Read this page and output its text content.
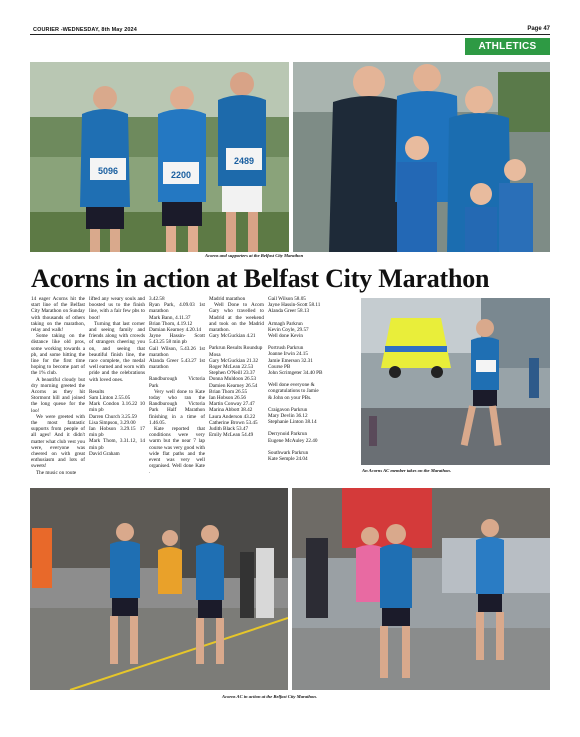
COURIER -WEDNESDAY, 8th May 2024	Page 47
ATHLETICS
5096	2200
2489
Acorns and supporters at the Belfast City Marathon
Acorns in action at Belfast City Marathon

14 eager Acorns hit the start line of the Belfast City Marathon on Sunday with thousands of others taking on the marathon, relay and walk!

Some taking on the distance like old pros, some working towards a pb, and some hitting the line for the first time hoping to become part of the 1% club.

A beautiful cloudy but dry morning greeted the Acorns as they hit Stormont hill and joined the long queue for the loo!

We were greeted with the most fantastic supports from people of all ages! And it didn't matter what club vest you were, everyone was cheered on with great enthusiasm and lots of sweets!

The music on route

lifted any weary souls and boosted us to the finish line, with a fair few pbs to boot!

Turning that last corner and seeing family and friends along with crowds of strangers cheering you on, and seeing that beautiful finish line, the race complete, the medal well earned and worn with pride and the celebrations with loved ones.

Results

Sam Linton 2.55.05

Mark Condon 3.16.22 10 min pb

Darren Church 3.25.59

Lisa Simpson, 3.29.00

Ian Hobson 3.29.15 17 min pb

Mark Thom, 3.31.12, 14 min pb

David Graham

3.42.58

Ryan Park, 4.09.03 1st marathon

Mark Bann, 4.11.37

Brian Thom, 4.19.12

Damian Kearney 4.20.14

Jayne Hassin- Scott 5.43.25 58 min pb

Gail Wilson, 5.43.26 1st marathon

Alanda Greer 5.43.27 1st marathon

Randburough Victoria Park

Very well done to Kate today who ran the Randburough Victoria Park Half Marathon finishing in a time of 1.46.05.

Kate reported that conditions were very warm but the near 7 lap course was very good with wide flat paths and the event was very well organised. Well done Kate .

Madrid marathon

Well Done to Acorn Gary who travelled to Madrid at the weekend and took on the Madrid marathon.

Gary McGuckian 4.21

Parkrun Results Roundup

Mosa

Gary McGuckian 21.32

Roger McLean 22.53

Stephen O'Neill 23.37

Donna Muldoon 26.53

Damien Kearney 26.54

Brian Thom 26.55

Ian Hobson 26.56

Martin Conway 27.47

Marina Abbott 38.42

Laura Anderson 43.22

Catherine Brown 53.45

Judith Black 53.47

Emily McLean 54.49

Gail Wilson 58.05

Jayne Hassin-Scott 58.11

Alanda Greer 58.13

Armagh Parkrun

Kevin Coyle, 29.57

Well done Kevin

Portrush Parkrun

Joanne Irwin 24.15

Jamie Emerson 32.31 Course PB

John Scrimgeter 34.40 PB

Well done everyone & congratulations to Jamie & John on your PBs.

Craigavon Parkrun

Mary Devlin 36.12

Stephanie Linton 38.14

Derrynoid Parkrun

Eugene McAuley 22.40

Southwark Parkrun

Kate Semple 24.04

An Acorns AC member takes on the Marathon.
Acorns AC in action at the Belfast City Marathon.
